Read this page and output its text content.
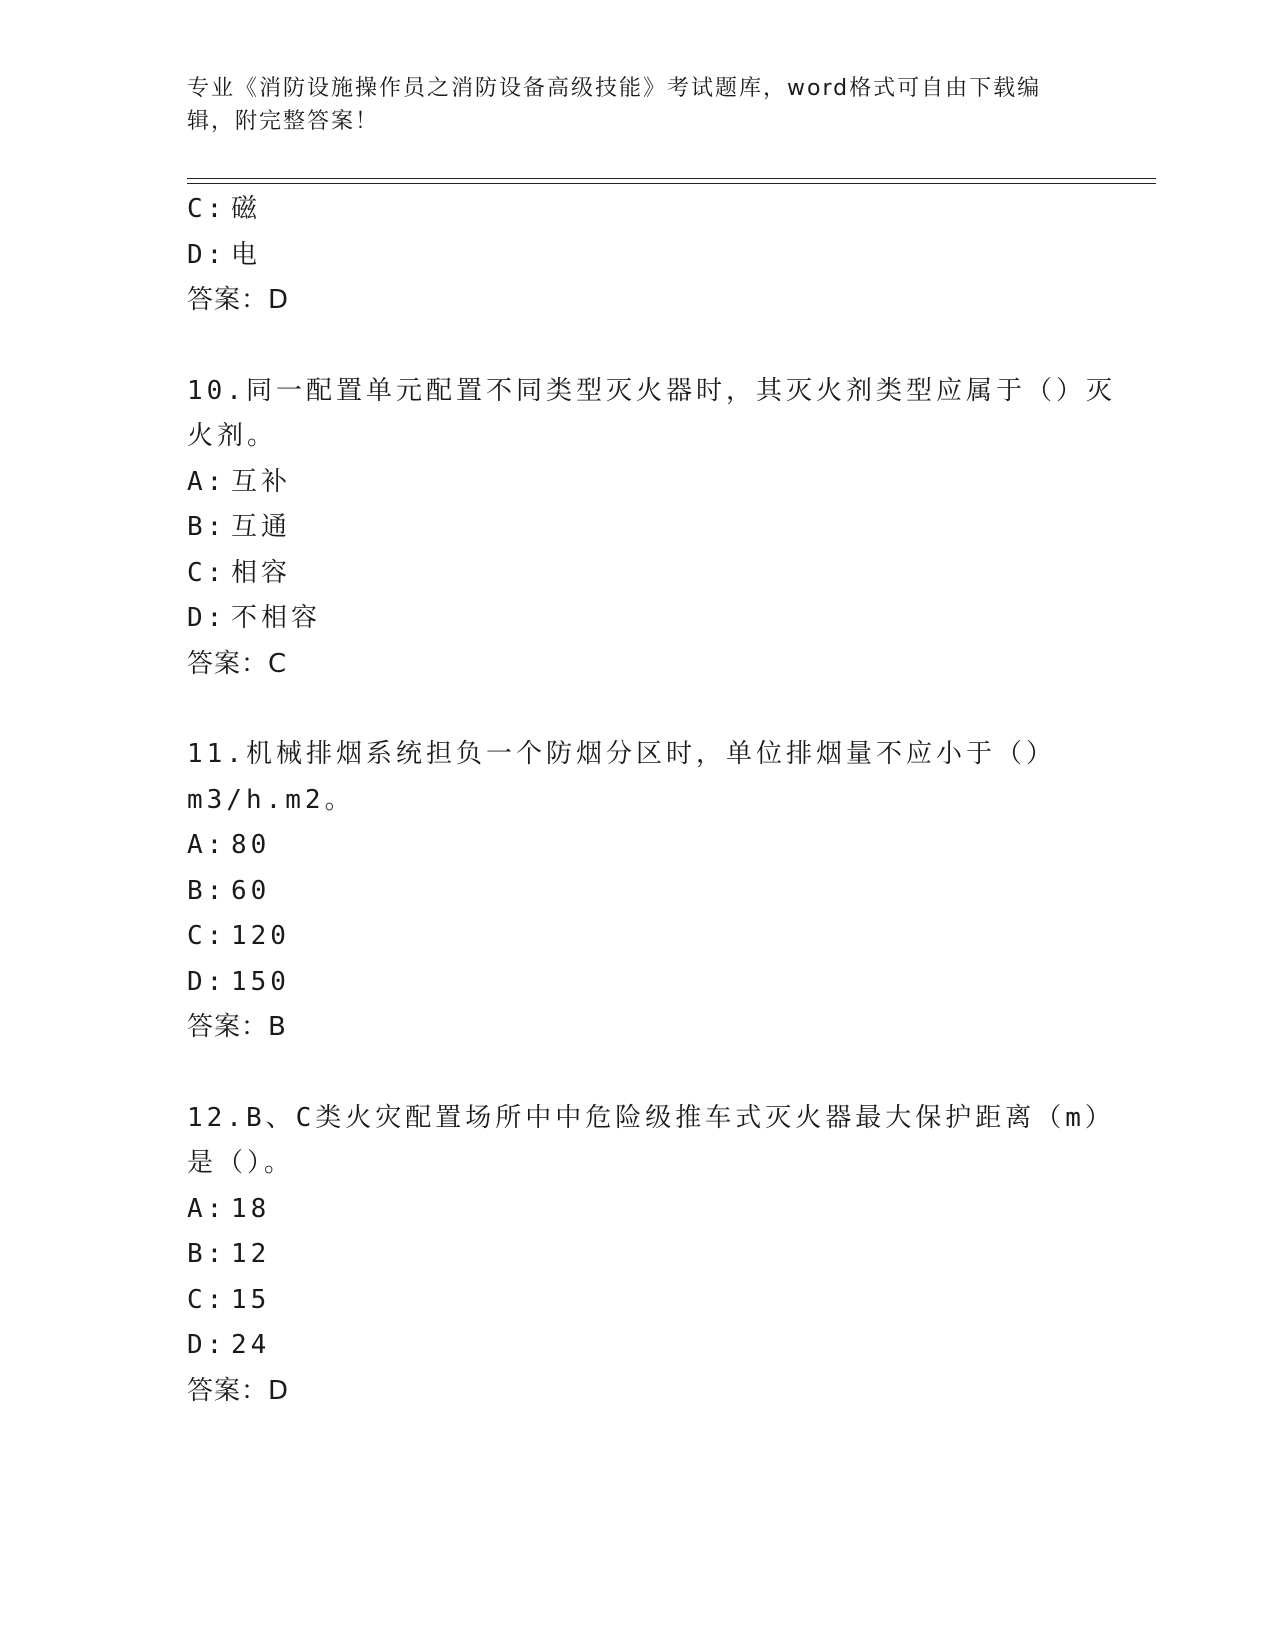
专业《消防设施操作员之消防设备高级技能》考试题库，word格式可自由下载编辑，附完整答案！
C: 磁
D: 电
答案：D
10.同一配置单元配置不同类型灭火器时，其灭火剂类型应属于（）灭
火剂。
A: 互补
B: 互通
C: 相容
D: 不相容
答案：C
11.机械排烟系统担负一个防烟分区时，单位排烟量不应小于（）
m3/h.m2。
A: 80
B: 60
C: 120
D: 150
答案：B
12.B、C类火灾配置场所中中危险级推车式灭火器最大保护距离（m）
是（）。
A: 18
B: 12
C: 15
D: 24
答案：D
